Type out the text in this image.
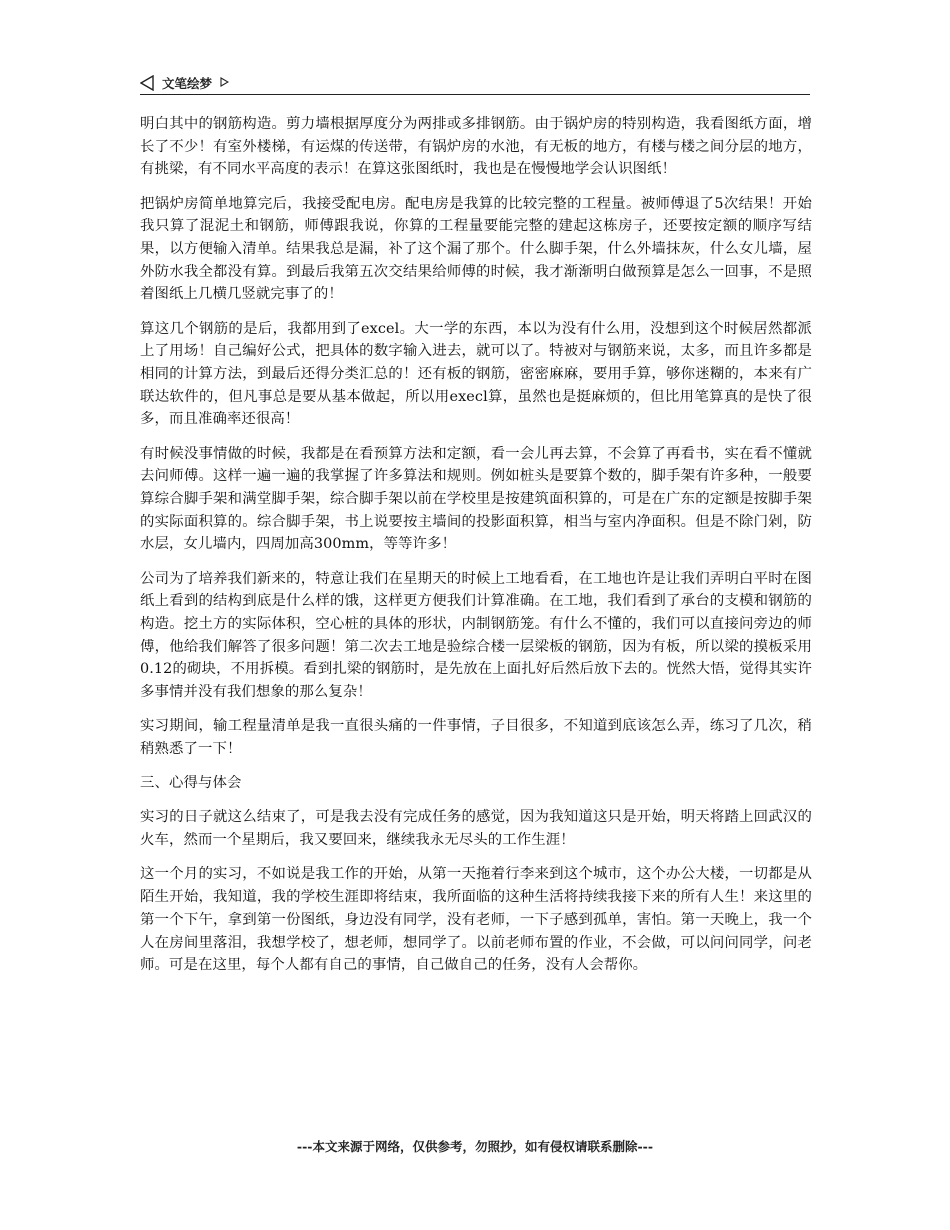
文笔绘梦

明白其中的钢筋构造。剪力墙根据厚度分为两排或多排钢筋。由于锅炉房的特别构造，我看图纸方面，增长了不少！有室外楼梯，有运煤的传送带，有锅炉房的水池，有无板的地方，有楼与楼之间分层的地方，有挑梁，有不同水平高度的表示！在算这张图纸时，我也是在慢慢地学会认识图纸！

把锅炉房简单地算完后，我接受配电房。配电房是我算的比较完整的工程量。被师傅退了5次结果！开始我只算了混泥土和钢筋，师傅跟我说，你算的工程量要能完整的建起这栋房子，还要按定额的顺序写结果，以方便输入清单。结果我总是漏，补了这个漏了那个。什么脚手架，什么外墙抹灰，什么女儿墙，屋外防水我全都没有算。到最后我第五次交结果给师傅的时候，我才渐渐明白做预算是怎么一回事，不是照着图纸上几横几竖就完事了的！

算这几个钢筋的是后，我都用到了excel。大一学的东西，本以为没有什么用，没想到这个时候居然都派上了用场！自己编好公式，把具体的数字输入进去，就可以了。特被对与钢筋来说，太多，而且许多都是相同的计算方法，到最后还得分类汇总的！还有板的钢筋，密密麻麻，要用手算，够你迷糊的，本来有广联达软件的，但凡事总是要从基本做起，所以用execl算，虽然也是挺麻烦的，但比用笔算真的是快了很多，而且准确率还很高！

有时候没事情做的时候，我都是在看预算方法和定额，看一会儿再去算，不会算了再看书，实在看不懂就去问师傅。这样一遍一遍的我掌握了许多算法和规则。例如桩头是要算个数的，脚手架有许多种，一般要算综合脚手架和满堂脚手架，综合脚手架以前在学校里是按建筑面积算的，可是在广东的定额是按脚手架的实际面积算的。综合脚手架，书上说要按主墙间的投影面积算，相当与室内净面积。但是不除门剁，防水层，女儿墙内，四周加高300mm，等等许多！

公司为了培养我们新来的，特意让我们在星期天的时候上工地看看，在工地也许是让我们弄明白平时在图纸上看到的结构到底是什么样的饿，这样更方便我们计算准确。在工地，我们看到了承台的支模和钢筋的构造。挖土方的实际体积，空心桩的具体的形状，内制钢筋笼。有什么不懂的，我们可以直接问旁边的师傅，他给我们解答了很多问题！第二次去工地是验综合楼一层梁板的钢筋，因为有板，所以梁的摸板采用0.12的砌块，不用拆模。看到扎梁的钢筋时，是先放在上面扎好后然后放下去的。恍然大悟，觉得其实许多事情并没有我们想象的那么复杂！

实习期间，输工程量清单是我一直很头痛的一件事情，子目很多，不知道到底该怎么弄，练习了几次，稍稍熟悉了一下！

三、心得与体会

实习的日子就这么结束了，可是我去没有完成任务的感觉，因为我知道这只是开始，明天将踏上回武汉的火车，然而一个星期后，我又要回来，继续我永无尽头的工作生涯！

这一个月的实习，不如说是我工作的开始，从第一天拖着行李来到这个城市，这个办公大楼，一切都是从陌生开始，我知道，我的学校生涯即将结束，我所面临的这种生活将持续我接下来的所有人生！来这里的第一个下午，拿到第一份图纸，身边没有同学，没有老师，一下子感到孤单，害怕。第一天晚上，我一个人在房间里落泪，我想学校了，想老师，想同学了。以前老师布置的作业，不会做，可以问问同学，问老师。可是在这里，每个人都有自己的事情，自己做自己的任务，没有人会帮你。

---本文来源于网络，仅供参考，勿照抄，如有侵权请联系删除---
